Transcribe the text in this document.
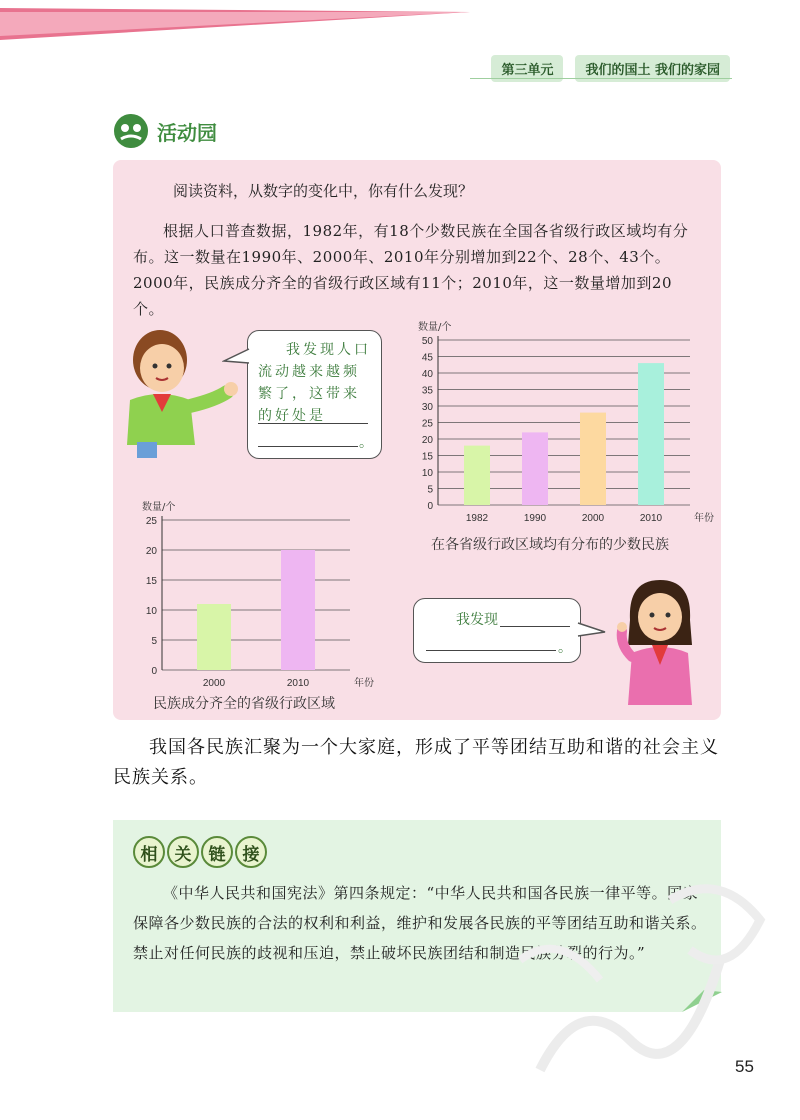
第三单元	我们的国土 我们的家园
活动园
阅读资料，从数字的变化中，你有什么发现？
根据人口普查数据，1982年，有18个少数民族在全国各省级行政区域均有分布。这一数量在1990年、2000年、2010年分别增加到22个、28个、43个。2000年，民族成分齐全的省级行政区域有11个；2010年，这一数量增加到20个。
我发现人口流动越来越频繁了，这带来的好处是
。
0
5
10
15
20
25
30
35
40
45
50
数量/个
年份
1982	1990	2000	2010
在各省级行政区域均有分布的少数民族
0
5
10
15
20
25
数量/个
年份
2000	2010
民族成分齐全的省级行政区域
我发现
。
我国各民族汇聚为一个大家庭，形成了平等团结互助和谐的社会主义民族关系。
相	关	链	接
《中华人民共和国宪法》第四条规定：“中华人民共和国各民族一律平等。国家保障各少数民族的合法的权利和利益，维护和发展各民族的平等团结互助和谐关系。禁止对任何民族的歧视和压迫，禁止破坏民族团结和制造民族分裂的行为。”
55
